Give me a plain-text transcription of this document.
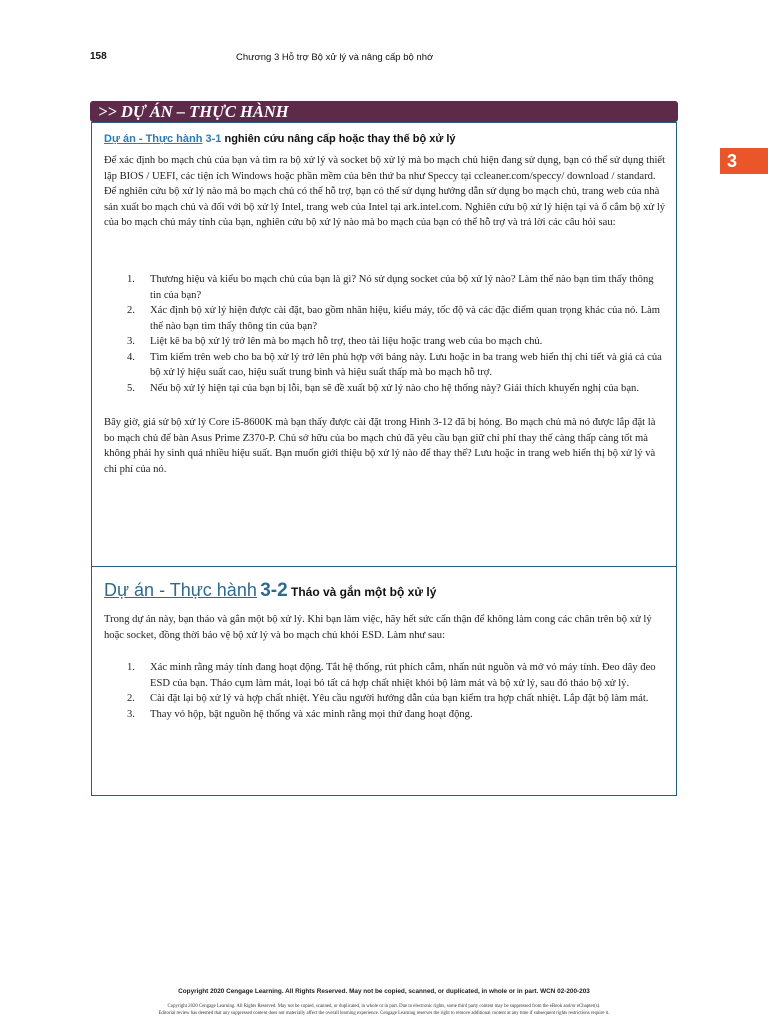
158	Chương 3 Hỗ trợ Bộ xử lý và nâng cấp bộ nhớ
3
>> DỰ ÁN – THỰC HÀNH
Dự án - Thực hành 3-1 nghiên cứu nâng cấp hoặc thay thế bộ xử lý
Để xác định bo mạch chủ của bạn và tìm ra bộ xử lý và socket bộ xử lý mà bo mạch chủ hiện đang sử dụng, bạn có thể sử dụng thiết lập BIOS / UEFI, các tiện ích Windows hoặc phần mềm của bên thứ ba như Speccy tại ccleaner.com/speccy/ download / standard. Để nghiên cứu bộ xử lý nào mà bo mạch chủ có thể hỗ trợ, bạn có thể sử dụng hướng dẫn sử dụng bo mạch chủ, trang web của nhà sản xuất bo mạch chủ và đối với bộ xử lý Intel, trang web của Intel tại ark.intel.com. Nghiên cứu bộ xử lý hiện tại và ổ cắm bộ xử lý của bo mạch chủ máy tính của bạn, nghiên cứu bộ xử lý nào mà bo mạch của bạn có thể hỗ trợ và trả lời các câu hỏi sau:
1. Thương hiệu và kiểu bo mạch chủ của bạn là gì? Nó sử dụng socket của bộ xử lý nào? Làm thế nào bạn tìm thấy thông tin của bạn?
2. Xác định bộ xử lý hiện được cài đặt, bao gồm nhãn hiệu, kiểu máy, tốc độ và các đặc điểm quan trọng khác của nó. Làm thế nào bạn tìm thấy thông tin của bạn?
3. Liệt kê ba bộ xử lý trở lên mà bo mạch hỗ trợ, theo tài liệu hoặc trang web của bo mạch chủ.
4. Tìm kiếm trên web cho ba bộ xử lý trở lên phù hợp với bảng này. Lưu hoặc in ba trang web hiển thị chi tiết và giá cả của bộ xử lý hiệu suất cao, hiệu suất trung bình và hiệu suất thấp mà bo mạch hỗ trợ.
5. Nếu bộ xử lý hiện tại của bạn bị lỗi, bạn sẽ đề xuất bộ xử lý nào cho hệ thống này? Giải thích khuyến nghị của bạn.
Bây giờ, giả sử bộ xử lý Core i5-8600K mà bạn thấy được cài đặt trong Hình 3-12 đã bị hỏng. Bo mạch chủ mà nó được lắp đặt là bo mạch chủ để bàn Asus Prime Z370-P. Chủ sở hữu của bo mạch chủ đã yêu cầu bạn giữ chi phí thay thế càng thấp càng tốt mà không phải hy sinh quá nhiều hiệu suất. Bạn muốn giới thiệu bộ xử lý nào để thay thế? Lưu hoặc in trang web hiển thị bộ xử lý và chi phí của nó.
Dự án - Thực hành 3-2 Tháo và gắn một bộ xử lý
Trong dự án này, bạn tháo và gắn một bộ xử lý. Khi bạn làm việc, hãy hết sức cẩn thận để không làm cong các chân trên bộ xử lý hoặc socket, đồng thời bảo vệ bộ xử lý và bo mạch chủ khỏi ESD. Làm như sau:
1. Xác minh rằng máy tính đang hoạt động. Tắt hệ thống, rút phích cắm, nhấn nút nguồn và mở vỏ máy tính. Đeo dây đeo ESD của bạn. Tháo cụm làm mát, loại bỏ tất cả hợp chất nhiệt khỏi bộ làm mát và bộ xử lý, sau đó tháo bộ xử lý.
2. Cài đặt lại bộ xử lý và hợp chất nhiệt. Yêu cầu người hướng dẫn của bạn kiểm tra hợp chất nhiệt. Lắp đặt bộ làm mát.
3. Thay vỏ hộp, bật nguồn hệ thống và xác minh rằng mọi thứ đang hoạt động.
Copyright 2020 Cengage Learning. All Rights Reserved. May not be copied, scanned, or duplicated, in whole or in part. WCN 02-200-203
Copyright 2020 Cengage Learning. All Rights Reserved. May not be copied, scanned, or duplicated, in whole or in part. Due to electronic rights, some third party content may be suppressed from the eBook and/or eChapter(s).
Editorial review has deemed that any suppressed content does not materially affect the overall learning experience. Cengage Learning reserves the right to remove additional content at any time if subsequent rights restrictions require it.
